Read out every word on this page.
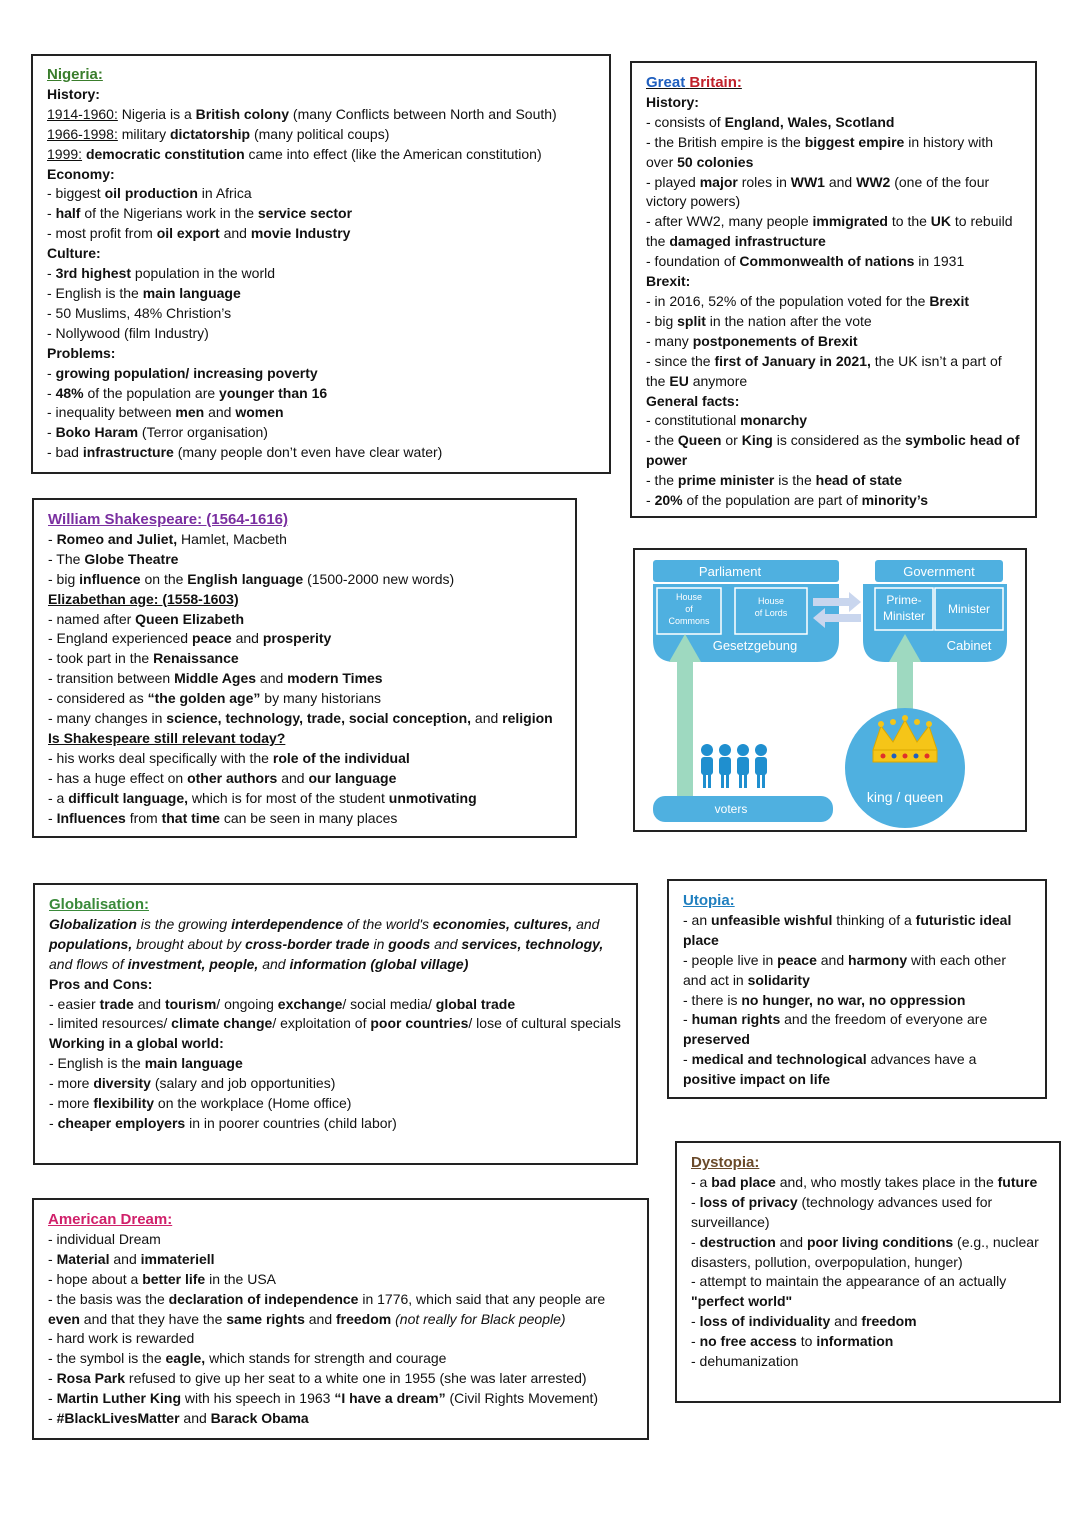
Nigeria:
History:
1914-1960: Nigeria is a British colony (many Conflicts between North and South)
1966-1998: military dictatorship (many political coups)
1999: democratic constitution came into effect (like the American constitution)
Economy:
- biggest oil production in Africa
- half of the Nigerians work in the service sector
- most profit from oil export and movie Industry
Culture:
- 3rd highest population in the world
- English is the main language
- 50 Muslims, 48% Christion’s
- Nollywood (film Industry)
Problems:
- growing population/ increasing poverty
- 48% of the population are younger than 16
- inequality between men and women
- Boko Haram (Terror organisation)
- bad infrastructure (many people don’t even have clear water)
Great Britain:
History:
- consists of England, Wales, Scotland
- the British empire is the biggest empire in history with over 50 colonies
- played major roles in WW1 and WW2 (one of the four victory powers)
- after WW2, many people immigrated to the UK to rebuild the damaged infrastructure
- foundation of Commonwealth of nations in 1931
Brexit:
- in 2016, 52% of the population voted for the Brexit
- big split in the nation after the vote
- many postponements of Brexit
- since the first of January in 2021, the UK isn’t a part of the EU anymore
General facts:
- constitutional monarchy
- the Queen or King is considered as the symbolic head of power
- the prime minister is the head of state
- 20% of the population are part of minority’s
William Shakespeare: (1564-1616)
- Romeo and Juliet, Hamlet, Macbeth
- The Globe Theatre
- big influence on the English language (1500-2000 new words)
Elizabethan age: (1558-1603)
- named after Queen Elizabeth
- England experienced peace and prosperity
- took part in the Renaissance
- transition between Middle Ages and modern Times
- considered as “the golden age” by many historians
- many changes in science, technology, trade, social conception, and religion
Is Shakespeare still relevant today?
- his works deal specifically with the role of the individual
- has a huge effect on other authors and our language
- a difficult language, which is for most of the student unmotivating
- Influences from that time can be seen in many places
Parliament
House
of
Commons
House
of Lords
Gesetzgebung
Government
Prime-
Minister Minister
Cabinet
voters
king / queen
Globalisation:
Globalization is the growing interdependence of the world's economies, cultures, and populations, brought about by cross-border trade in goods and services, technology, and flows of investment, people, and information (global village)
Pros and Cons:
- easier trade and tourism/ ongoing exchange/ social media/ global trade
- limited resources/ climate change/ exploitation of poor countries/ lose of cultural specials
Working in a global world:
- English is the main language
- more diversity (salary and job opportunities)
- more flexibility on the workplace (Home office)
- cheaper employers in in poorer countries (child labor)
Utopia:
- an unfeasible wishful thinking of a futuristic ideal place
- people live in peace and harmony with each other and act in solidarity
- there is no hunger, no war, no oppression
- human rights and the freedom of everyone are preserved
- medical and technological advances have a positive impact on life
American Dream:
- individual Dream
- Material and immateriell
- hope about a better life in the USA
- the basis was the declaration of independence in 1776, which said that any people are even and that they have the same rights and freedom (not really for Black people)
- hard work is rewarded
- the symbol is the eagle, which stands for strength and courage
- Rosa Park refused to give up her seat to a white one in 1955 (she was later arrested)
- Martin Luther King with his speech in 1963 “I have a dream” (Civil Rights Movement)
- #BlackLivesMatter and Barack Obama
Dystopia:
- a bad place and, who mostly takes place in the future
- loss of privacy (technology advances used for surveillance)
- destruction and poor living conditions (e.g., nuclear disasters, pollution, overpopulation, hunger)
- attempt to maintain the appearance of an actually "perfect world"
- loss of individuality and freedom
- no free access to information
- dehumanization
